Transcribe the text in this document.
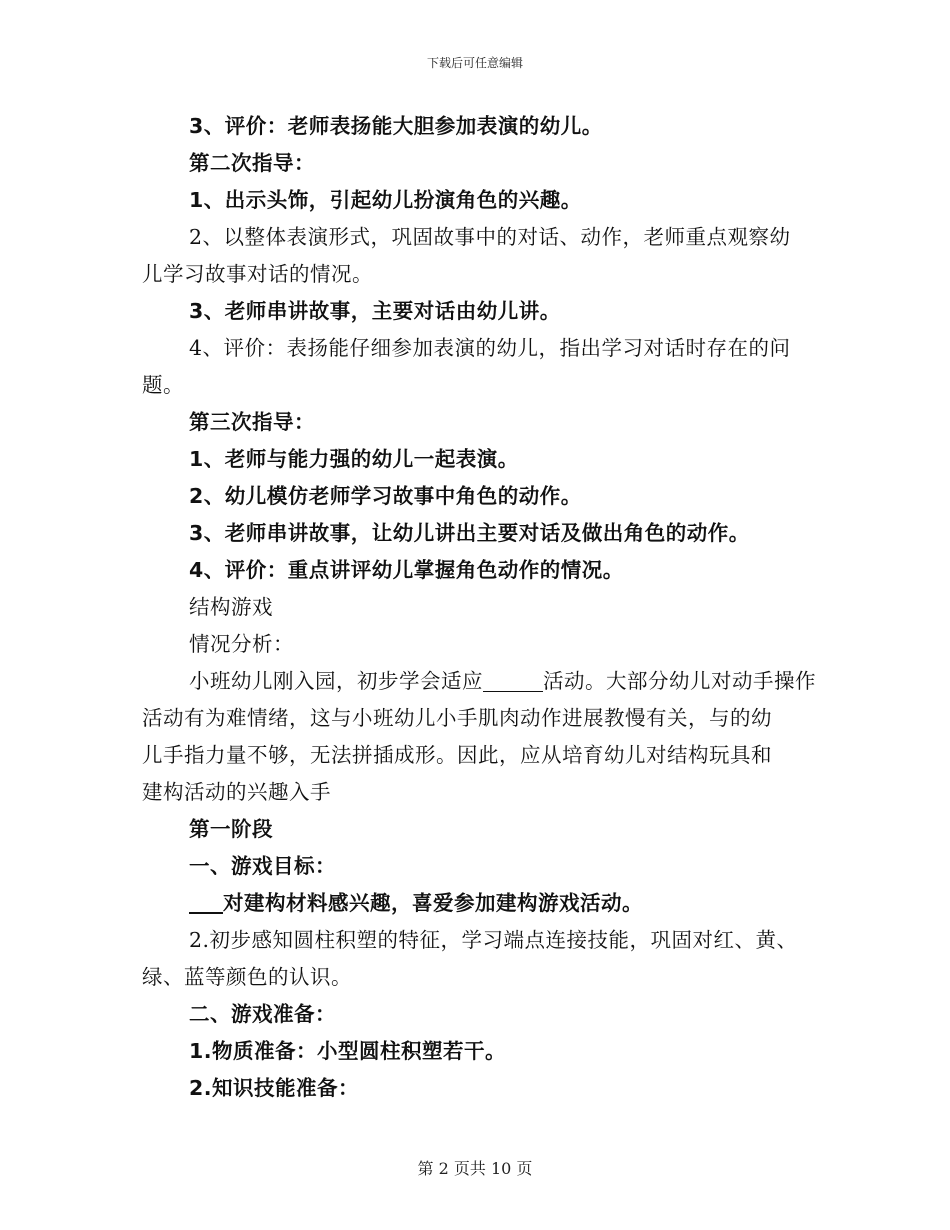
下载后可任意编辑
3、评价：老师表扬能大胆参加表演的幼儿。
第二次指导：
1、出示头饰，引起幼儿扮演角色的兴趣。
2、以整体表演形式，巩固故事中的对话、动作，老师重点观察幼
儿学习故事对话的情况。
3、老师串讲故事，主要对话由幼儿讲。
4、评价：表扬能仔细参加表演的幼儿，指出学习对话时存在的问
题。
第三次指导：
1、老师与能力强的幼儿一起表演。
2、幼儿模仿老师学习故事中角色的动作。
3、老师串讲故事，让幼儿讲出主要对话及做出角色的动作。
4、评价：重点讲评幼儿掌握角色动作的情况。
结构游戏
情况分析：
小班幼儿刚入园，初步学会适应	活动。大部分幼儿对动手操作
活动有为难情绪，这与小班幼儿小手肌肉动作进展教慢有关，与的幼
儿手指力量不够，无法拼插成形。因此，应从培育幼儿对结构玩具和
建构活动的兴趣入手
第一阶段
一、游戏目标：
对建构材料感兴趣，喜爱参加建构游戏活动。
2.初步感知圆柱积塑的特征，学习端点连接技能，巩固对红、黄、
绿、蓝等颜色的认识。
二、游戏准备：
1.物质准备：小型圆柱积塑若干。
2.知识技能准备：
第 2 页共 10 页
